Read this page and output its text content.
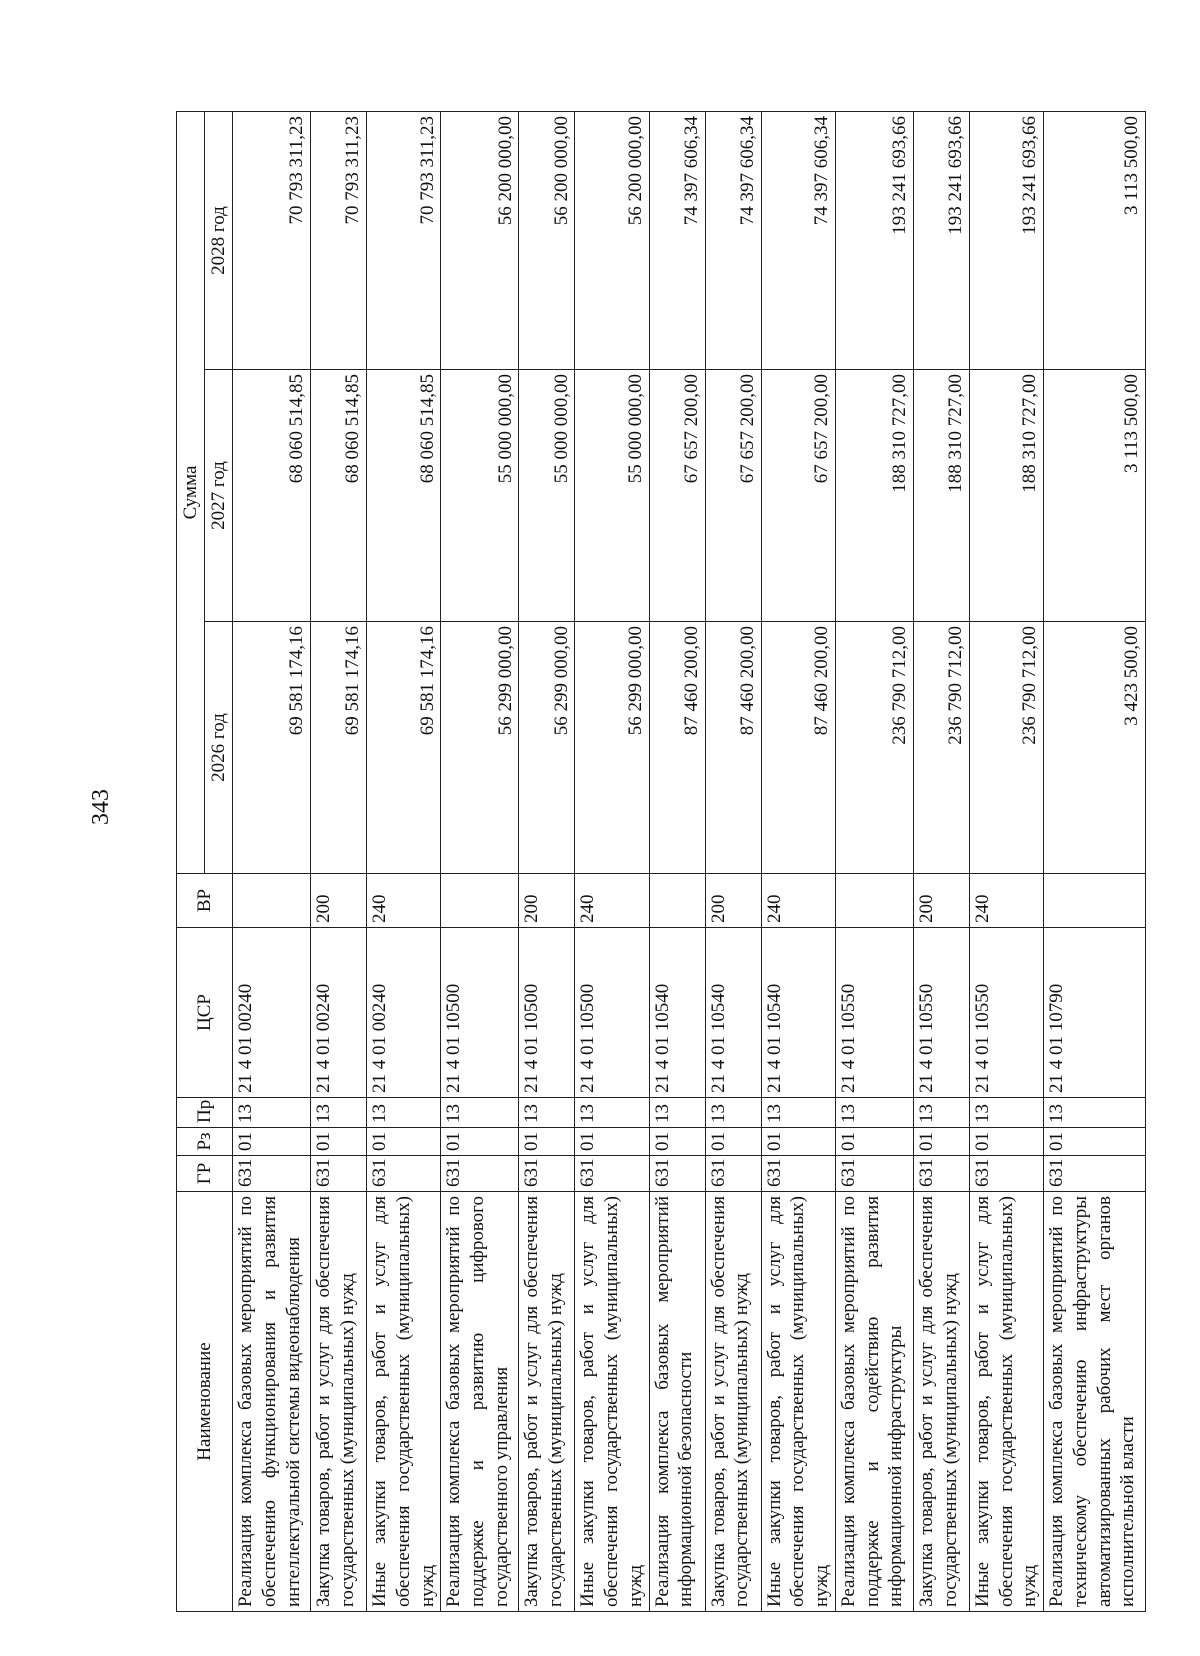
343
Наименование	ГР	Рз	Пр	ЦСР	ВР	Сумма		
						2026 год	2027 год	2028 год
Реализация комплекса базовых мероприятий по обеспечению функционирования и развития интеллектуальной системы видеонаблюдения	631	01	13	21 4 01 00240		69 581 174,16	68 060 514,85	70 793 311,23
Закупка товаров, работ и услуг для обеспечения государственных (муниципальных) нужд	631	01	13	21 4 01 00240	200	69 581 174,16	68 060 514,85	70 793 311,23
Иные закупки товаров, работ и услуг для обеспечения государственных (муниципальных) нужд	631	01	13	21 4 01 00240	240	69 581 174,16	68 060 514,85	70 793 311,23
Реализация комплекса базовых мероприятий по поддержке и развитию цифрового государственного управления	631	01	13	21 4 01 10500		56 299 000,00	55 000 000,00	56 200 000,00
Закупка товаров, работ и услуг для обеспечения государственных (муниципальных) нужд	631	01	13	21 4 01 10500	200	56 299 000,00	55 000 000,00	56 200 000,00
Иные закупки товаров, работ и услуг для обеспечения государственных (муниципальных) нужд	631	01	13	21 4 01 10500	240	56 299 000,00	55 000 000,00	56 200 000,00
Реализация комплекса базовых мероприятий информационной безопасности	631	01	13	21 4 01 10540		87 460 200,00	67 657 200,00	74 397 606,34
Закупка товаров, работ и услуг для обеспечения государственных (муниципальных) нужд	631	01	13	21 4 01 10540	200	87 460 200,00	67 657 200,00	74 397 606,34
Иные закупки товаров, работ и услуг для обеспечения государственных (муниципальных) нужд	631	01	13	21 4 01 10540	240	87 460 200,00	67 657 200,00	74 397 606,34
Реализация комплекса базовых мероприятий по поддержке и содействию развития информационной инфраструктуры	631	01	13	21 4 01 10550		236 790 712,00	188 310 727,00	193 241 693,66
Закупка товаров, работ и услуг для обеспечения государственных (муниципальных) нужд	631	01	13	21 4 01 10550	200	236 790 712,00	188 310 727,00	193 241 693,66
Иные закупки товаров, работ и услуг для обеспечения государственных (муниципальных) нужд	631	01	13	21 4 01 10550	240	236 790 712,00	188 310 727,00	193 241 693,66
Реализация комплекса базовых мероприятий по техническому обеспечению инфраструктуры автоматизированных рабочих мест органов исполнительной власти	631	01	13	21 4 01 10790		3 423 500,00	3 113 500,00	3 113 500,00
